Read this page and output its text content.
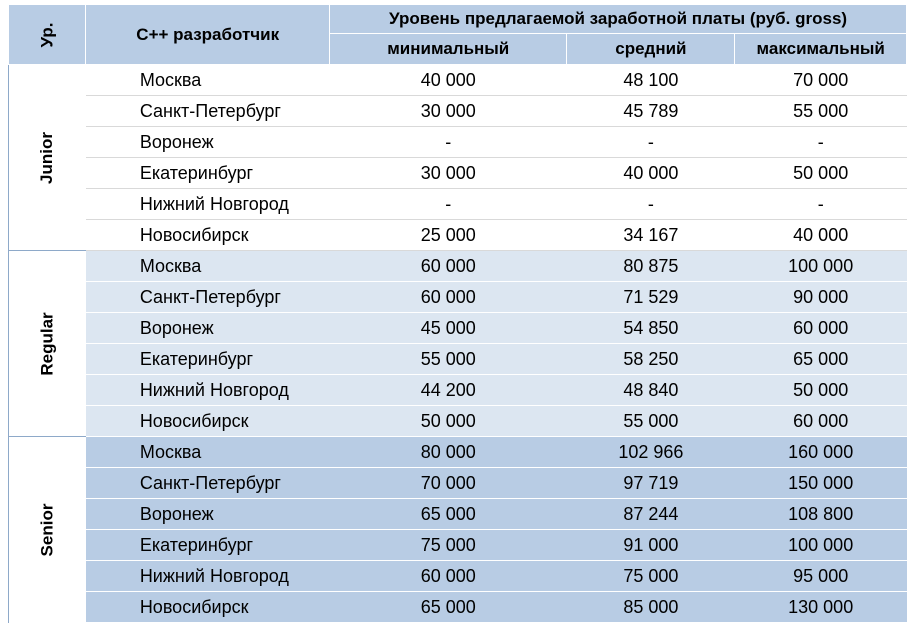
Ур.	C++ разработчик	Уровень предлагаемой заработной платы (руб. gross)		
		минимальный	средний	максимальный
Junior	Москва	40 000	48 100	70 000
	Санкт-Петербург	30 000	45 789	55 000
	Воронеж	-	-	-
	Екатеринбург	30 000	40 000	50 000
	Нижний Новгород	-	-	-
	Новосибирск	25 000	34 167	40 000
Regular	Москва	60 000	80 875	100 000
	Санкт-Петербург	60 000	71 529	90 000
	Воронеж	45 000	54 850	60 000
	Екатеринбург	55 000	58 250	65 000
	Нижний Новгород	44 200	48 840	50 000
	Новосибирск	50 000	55 000	60 000
Senior	Москва	80 000	102 966	160 000
	Санкт-Петербург	70 000	97 719	150 000
	Воронеж	65 000	87 244	108 800
	Екатеринбург	75 000	91 000	100 000
	Нижний Новгород	60 000	75 000	95 000
	Новосибирск	65 000	85 000	130 000
